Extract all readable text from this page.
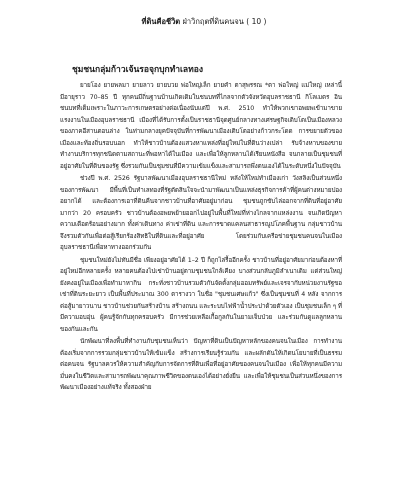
ที่ดินคือชีวิต ฝ่าวิกฤตที่ดินคนจน ( 10 )
ชุมชนกลุ่มก้าวเจ้นรอจุกบุกทำเลทอง

ยายโอง ยายพลมา ยายลาว ยายบวย พ่อใหญ่เล็ก ยายคำ ตาสุพรรณ *ตา พ่อใหญ่ แม่ใหญ่ เหล่านี้ มีอายุราว 70–85 ปี ทุกคนมีถิ่นฐานบ้านเกิดเดิมในชนบทที่ไกลจากตัวจังหวัดอุบลราชธานี กิโลเมตร อินชนบทที่เต็มเพราะในภาวะการเกษตรอย่างต่อเนื่องนับแต่ปี พ.ศ. 2510 ทำให้พวกเขาอพยพเข้ามาขายแรงงานในเมืองอุบลราชธานี เมืองที่ได้รับการตั้งเป็นราชธานีจุดศูนย์กลางทางเศรษฐกิจเติบโตเป็นเมืองหลวงของภาคอีสานตอนล่าง ในท่ามกลางยุคปัจจุบันที่การพัฒนาเมืองเติบโตอย่างก้าวกระโดด การขยายตัวของเมืองและท้องถิ่นรอบนอก ทำให้ชาวบ้านต้องแสวงหาแหล่งที่อยู่ใหม่ในที่ดินว่างเปล่า รับจ้างหาบของขาย ทำงานบริการทุกชนิดตามสถานะที่พอหาได้ในเมือง และเพื่อให้ลูกหลานได้เรียนหนังสือ จนกลายเป็นชุมชนที่อยู่อาศัยในที่ดินของรัฐ ซึ่งรวมกันเป็นชุมชนที่มีความเข้มแข็งและสามารถพึ่งตนเองได้ในระดับหนึ่งในปัจจุบัน

ช่วงปี พ.ศ. 2526 รัฐบาลพัฒนาเมืองอุบลราชธานีใหม่ หลังให้ใหม่ทำเมืองเก่า วังสลิงเป็นส่วนหนึ่งของการพัฒนา มีพื้นที่เป็นทำเลทองที่รัฐตัดสินใจจะนำมาพัฒนาเป็นแหล่งธุรกิจการค้าที่ผู้คนต่างหมายปองอยากได้ และต้องการเอาที่ดินคืนจากชาวบ้านที่อาศัยอยู่มาก่อน ชุมชนถูกขับไล่ออกจากที่ดินที่อยู่อาศัยมากว่า 20 ครอบครัว ชาวบ้านต้องอพยพย้ายออกไปอยู่ในพื้นที่ใหม่ที่ห่างไกลจากแหล่งงาน จนเกิดปัญหาความเดือดร้อนอย่างมาก ทั้งค่าเดินทาง ค่าเช่าที่ดิน และการขาดแคลนสาธารณูปโภคพื้นฐาน กลุ่มชาวบ้านจึงรวมตัวกันเพื่อต่อสู้เรียกร้องสิทธิในที่ดินและที่อยู่อาศัย โดยร่วมกับเครือข่ายชุมชนคนจนในเมืองอุบลราชธานีเพื่อหาทางออกร่วมกัน

ชุมชนใหม่ยังไม่ทันมีชื่อ เพียงอยู่อาศัยได้ 1–2 ปี ก็ถูกไล่รื้ออีกครั้ง ชาวบ้านที่อยู่อาศัยมาก่อนต้องหาที่อยู่ใหม่อีกหลายครั้ง หลายคนต้องไปเช่าบ้านอยู่ตามชุมชนใกล้เคียง บางส่วนกลับภูมิลำเนาเดิม แต่ส่วนใหญ่ยังคงอยู่ในเมืองเพื่อทำมาหากิน กระทั่งชาวบ้านรวมตัวกันจัดตั้งกลุ่มออมทรัพย์และเจรจากับหน่วยงานรัฐขอเช่าที่ดินระยะยาว เป็นพื้นที่ประมาณ 300 ตารางวา ในชื่อ "ชุมชนเศษแก้ว" ซึ่งเป็นชุมชนที่ 4 หลัง จากการต่อสู้มายาวนาน ชาวบ้านช่วยกันสร้างบ้าน สร้างถนน และระบบไฟฟ้าน้ำประปาด้วยตัวเอง เป็นชุมชนเล็ก ๆ ที่มีความอบอุ่น ผู้คนรู้จักกันทุกครอบครัว มีการช่วยเหลือเกื้อกูลกันในยามเจ็บป่วย และร่วมกันดูแลลูกหลานของกันและกัน

นักพัฒนาที่ลงพื้นที่ทำงานกับชุมชนเห็นว่า ปัญหาที่ดินเป็นปัญหาหลักของคนจนในเมือง การทำงานต้องเริ่มจากการรวมกลุ่มชาวบ้านให้เข้มแข็ง สร้างการเรียนรู้ร่วมกัน และผลักดันให้เกิดนโยบายที่เป็นธรรมต่อคนจน รัฐบาลควรให้ความสำคัญกับการจัดการที่ดินเพื่อที่อยู่อาศัยของคนจนในเมือง เพื่อให้ทุกคนมีความมั่นคงในชีวิตและสามารถพัฒนาคุณภาพชีวิตของตนเองได้อย่างยั่งยืน และเพื่อให้ชุมชนเป็นส่วนหนึ่งของการพัฒนาเมืองอย่างแท้จริง ทั้งสองฝ่าย
